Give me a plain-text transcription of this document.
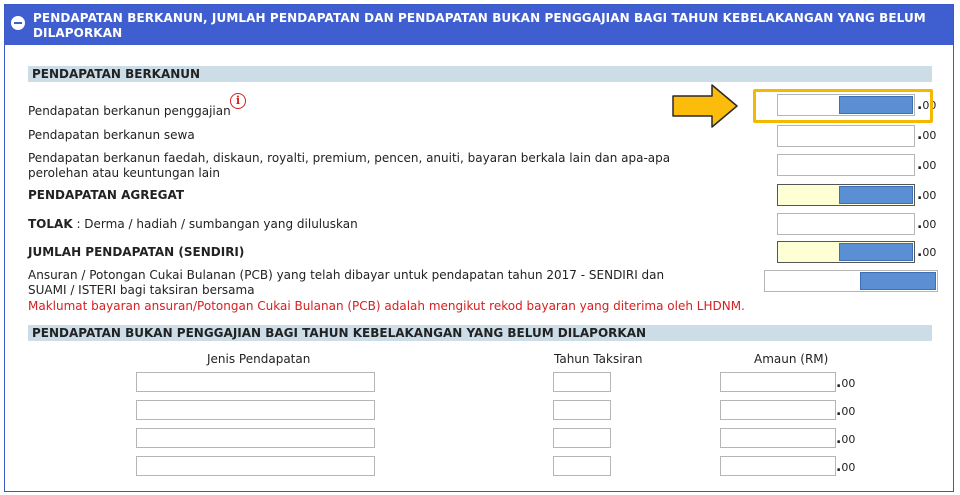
PENDAPATAN BERKANUN, JUMLAH PENDAPATAN DAN PENDAPATAN BUKAN PENGGAJIAN BAGI TAHUN KEBELAKANGAN YANG BELUM DILAPORKAN
PENDAPATAN BERKANUN
Pendapatan berkanun penggajian
i
Pendapatan berkanun sewa
Pendapatan berkanun faedah, diskaun, royalti, premium, pencen, anuiti, bayaran berkala lain dan apa-apa
perolehan atau keuntungan lain
PENDAPATAN AGREGAT
TOLAK : Derma / hadiah / sumbangan yang diluluskan
JUMLAH PENDAPATAN (SENDIRI)
Ansuran / Potongan Cukai Bulanan (PCB) yang telah dibayar untuk pendapatan tahun 2017 - SENDIRI dan
SUAMI / ISTERI bagi taksiran bersama
Maklumat bayaran ansuran/Potongan Cukai Bulanan (PCB) adalah mengikut rekod bayaran yang diterima oleh LHDNM.
.00
.00
.00
.00
.00
.00
PENDAPATAN BUKAN PENGGAJIAN BAGI TAHUN KEBELAKANGAN YANG BELUM DILAPORKAN
Jenis Pendapatan	Tahun Taksiran	Amaun (RM)
.00
.00
.00
.00
